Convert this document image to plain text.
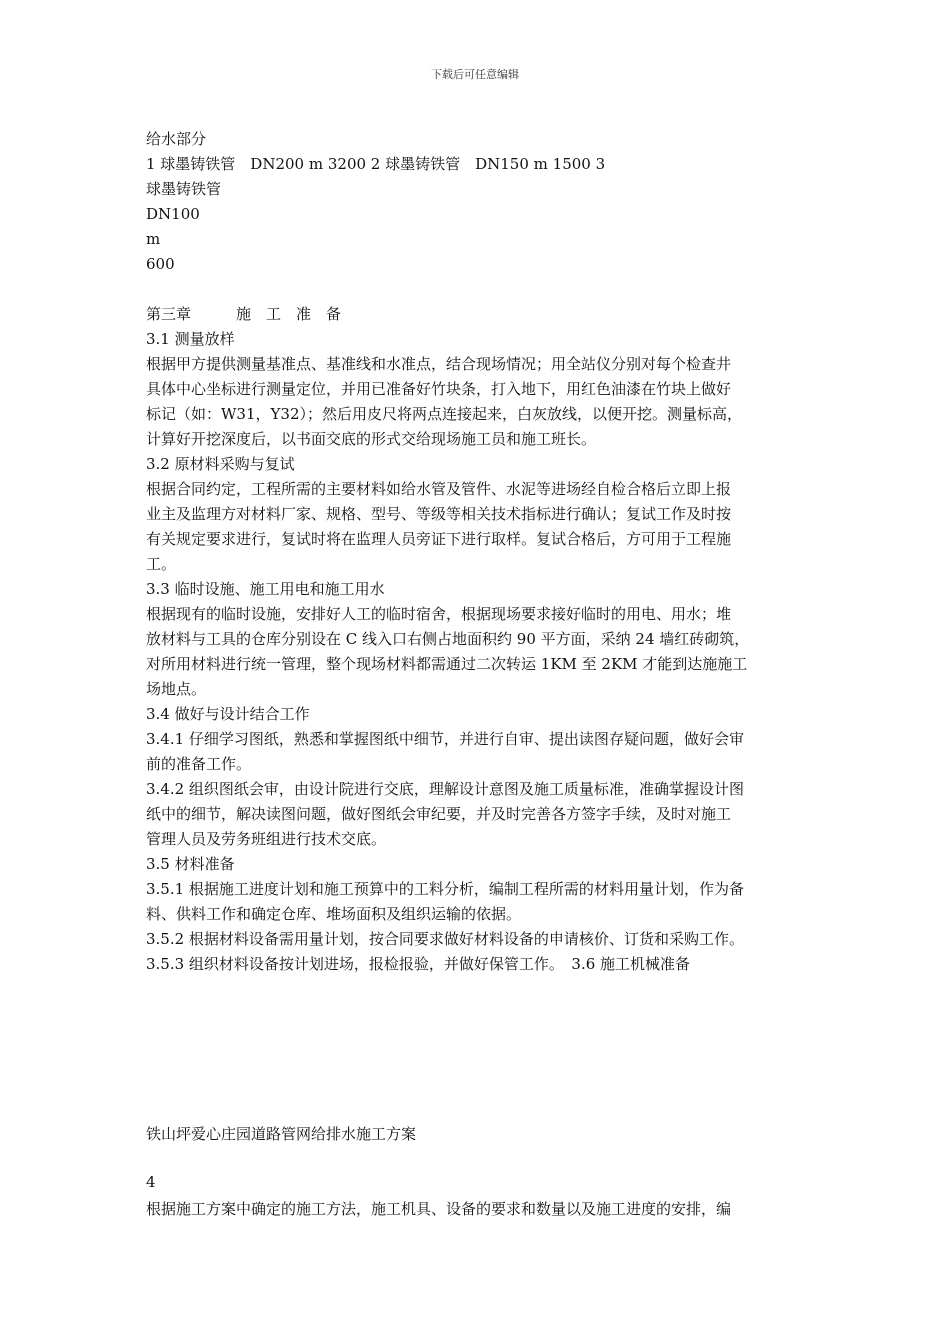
下载后可任意编辑
给水部分
1 球墨铸铁管　DN200 m 3200 2 球墨铸铁管　DN150 m 1500 3
球墨铸铁管
DN100
m
600
第三章　　　施　工　准　备
3.1 测量放样
根据甲方提供测量基准点、基准线和水准点，结合现场情况；用全站仪分别对每个检查井
具体中心坐标进行测量定位，并用已准备好竹块条，打入地下，用红色油漆在竹块上做好
标记（如：W31，Y32）；然后用皮尺将两点连接起来，白灰放线，以便开挖。测量标高，
计算好开挖深度后，以书面交底的形式交给现场施工员和施工班长。
3.2 原材料采购与复试
根据合同约定，工程所需的主要材料如给水管及管件、水泥等进场经自检合格后立即上报
业主及监理方对材料厂家、规格、型号、等级等相关技术指标进行确认；复试工作及时按
有关规定要求进行，复试时将在监理人员旁证下进行取样。复试合格后，方可用于工程施
工。
3.3 临时设施、施工用电和施工用水
根据现有的临时设施，安排好人工的临时宿舍，根据现场要求接好临时的用电、用水；堆
放材料与工具的仓库分别设在 C 线入口右侧占地面积约 90 平方面，采纳 24 墙红砖砌筑，
对所用材料进行统一管理，整个现场材料都需通过二次转运 1KM 至 2KM 才能到达施施工
场地点。
3.4 做好与设计结合工作
3.4.1 仔细学习图纸，熟悉和掌握图纸中细节，并进行自审、提出读图存疑问题，做好会审
前的准备工作。
3.4.2 组织图纸会审，由设计院进行交底，理解设计意图及施工质量标准，准确掌握设计图
纸中的细节，解决读图问题，做好图纸会审纪要，并及时完善各方签字手续，及时对施工
管理人员及劳务班组进行技术交底。
3.5 材料准备
3.5.1 根据施工进度计划和施工预算中的工料分析，编制工程所需的材料用量计划，作为备
料、供料工作和确定仓库、堆场面积及组织运输的依据。
3.5.2 根据材料设备需用量计划，按合同要求做好材料设备的申请核价、订货和采购工作。
3.5.3 组织材料设备按计划进场，报检报验，并做好保管工作。　3.6 施工机械准备
铁山坪爱心庄园道路管网给排水施工方案
4
根据施工方案中确定的施工方法，施工机具、设备的要求和数量以及施工进度的安排，编
